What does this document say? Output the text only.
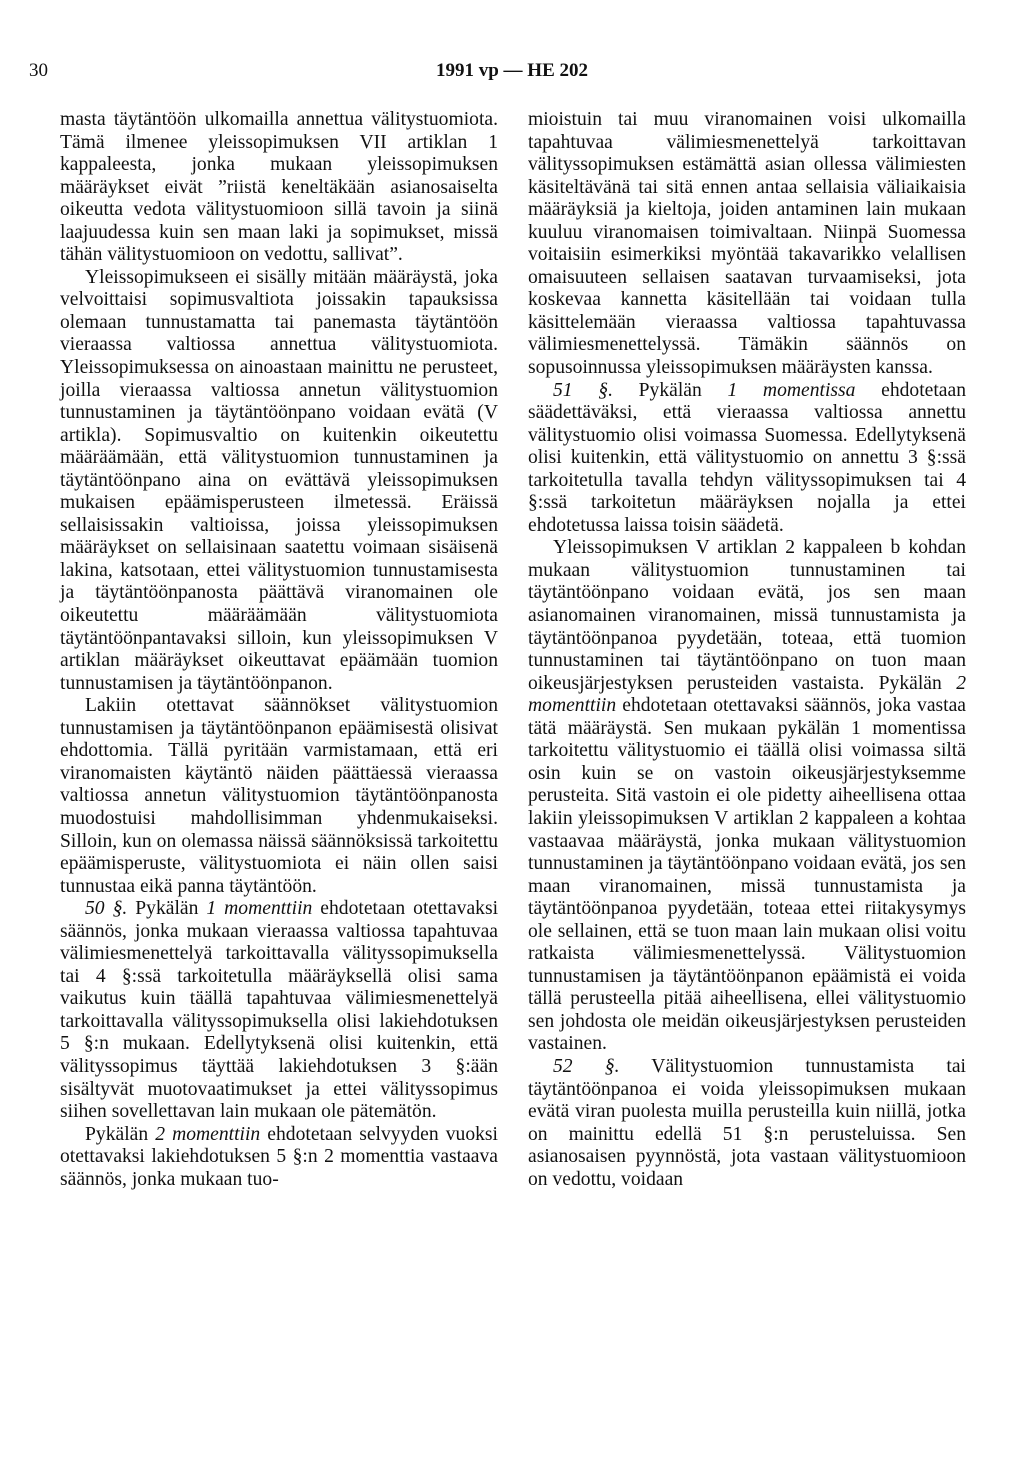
30	1991 vp — HE 202

masta täytäntöön ulkomailla annettua välitystuomiota. Tämä ilmenee yleissopimuksen VII artiklan 1 kappaleesta, jonka mukaan yleissopimuksen määräykset eivät ”riistä keneltäkään asianosaiselta oikeutta vedota välitystuomioon sillä tavoin ja siinä laajuudessa kuin sen maan laki ja sopimukset, missä tähän välitystuomioon on vedottu, sallivat”.

Yleissopimukseen ei sisälly mitään määräystä, joka velvoittaisi sopimusvaltiota joissakin tapauksissa olemaan tunnustamatta tai panemasta täytäntöön vieraassa valtiossa annettua välitystuomiota. Yleissopimuksessa on ainoastaan mainittu ne perusteet, joilla vieraassa valtiossa annetun välitystuomion tunnustaminen ja täytäntöönpano voidaan evätä (V artikla). Sopimusvaltio on kuitenkin oikeutettu määräämään, että välitystuomion tunnustaminen ja täytäntöönpano aina on evättävä yleissopimuksen mukaisen epäämisperusteen ilmetessä. Eräissä sellaisissakin valtioissa, joissa yleissopimuksen määräykset on sellaisinaan saatettu voimaan sisäisenä lakina, katsotaan, ettei välitystuomion tunnustamisesta ja täytäntöönpanosta päättävä viranomainen ole oikeutettu määräämään välitystuomiota täytäntöönpantavaksi silloin, kun yleissopimuksen V artiklan määräykset oikeuttavat epäämään tuomion tunnustamisen ja täytäntöönpanon.

Lakiin otettavat säännökset välitystuomion tunnustamisen ja täytäntöönpanon epäämisestä olisivat ehdottomia. Tällä pyritään varmistamaan, että eri viranomaisten käytäntö näiden päättäessä vieraassa valtiossa annetun välitystuomion täytäntöönpanosta muodostuisi mahdollisimman yhdenmukaiseksi. Silloin, kun on olemassa näissä säännöksissä tarkoitettu epäämisperuste, välitystuomiota ei näin ollen saisi tunnustaa eikä panna täytäntöön.

50 §. Pykälän 1 momenttiin ehdotetaan otettavaksi säännös, jonka mukaan vieraassa valtiossa tapahtuvaa välimiesmenettelyä tarkoittavalla välityssopimuksella tai 4 §:ssä tarkoitetulla määräyksellä olisi sama vaikutus kuin täällä tapahtuvaa välimiesmenettelyä tarkoittavalla välityssopimuksella olisi lakiehdotuksen 5 §:n mukaan. Edellytyksenä olisi kuitenkin, että välityssopimus täyttää lakiehdotuksen 3 §:ään sisältyvät muotovaatimukset ja ettei välityssopimus siihen sovellettavan lain mukaan ole pätemätön.

Pykälän 2 momenttiin ehdotetaan selvyyden vuoksi otettavaksi lakiehdotuksen 5 §:n 2 momenttia vastaava säännös, jonka mukaan tuo-

mioistuin tai muu viranomainen voisi ulkomailla tapahtuvaa välimiesmenettelyä tarkoittavan välityssopimuksen estämättä asian ollessa välimiesten käsiteltävänä tai sitä ennen antaa sellaisia väliaikaisia määräyksiä ja kieltoja, joiden antaminen lain mukaan kuuluu viranomaisen toimivaltaan. Niinpä Suomessa voitaisiin esimerkiksi myöntää takavarikko velallisen omaisuuteen sellaisen saatavan turvaamiseksi, jota koskevaa kannetta käsitellään tai voidaan tulla käsittelemään vieraassa valtiossa tapahtuvassa välimiesmenettelyssä. Tämäkin säännös on sopusoinnussa yleissopimuksen määräysten kanssa.

51 §. Pykälän 1 momentissa ehdotetaan säädettäväksi, että vieraassa valtiossa annettu välitystuomio olisi voimassa Suomessa. Edellytyksenä olisi kuitenkin, että välitystuomio on annettu 3 §:ssä tarkoitetulla tavalla tehdyn välityssopimuksen tai 4 §:ssä tarkoitetun määräyksen nojalla ja ettei ehdotetussa laissa toisin säädetä.

Yleissopimuksen V artiklan 2 kappaleen b kohdan mukaan välitystuomion tunnustaminen tai täytäntöönpano voidaan evätä, jos sen maan asianomainen viranomainen, missä tunnustamista ja täytäntöönpanoa pyydetään, toteaa, että tuomion tunnustaminen tai täytäntöönpano on tuon maan oikeusjärjestyksen perusteiden vastaista. Pykälän 2 momenttiin ehdotetaan otettavaksi säännös, joka vastaa tätä määräystä. Sen mukaan pykälän 1 momentissa tarkoitettu välitystuomio ei täällä olisi voimassa siltä osin kuin se on vastoin oikeusjärjestyksemme perusteita. Sitä vastoin ei ole pidetty aiheellisena ottaa lakiin yleissopimuksen V artiklan 2 kappaleen a kohtaa vastaavaa määräystä, jonka mukaan välitystuomion tunnustaminen ja täytäntöönpano voidaan evätä, jos sen maan viranomainen, missä tunnustamista ja täytäntöönpanoa pyydetään, toteaa ettei riitakysymys ole sellainen, että se tuon maan lain mukaan olisi voitu ratkaista välimiesmenettelyssä. Välitystuomion tunnustamisen ja täytäntöönpanon epäämistä ei voida tällä perusteella pitää aiheellisena, ellei välitystuomio sen johdosta ole meidän oikeusjärjestyksen perusteiden vastainen.

52 §. Välitystuomion tunnustamista tai täytäntöönpanoa ei voida yleissopimuksen mukaan evätä viran puolesta muilla perusteilla kuin niillä, jotka on mainittu edellä 51 §:n perusteluissa. Sen asianosaisen pyynnöstä, jota vastaan välitystuomioon on vedottu, voidaan
